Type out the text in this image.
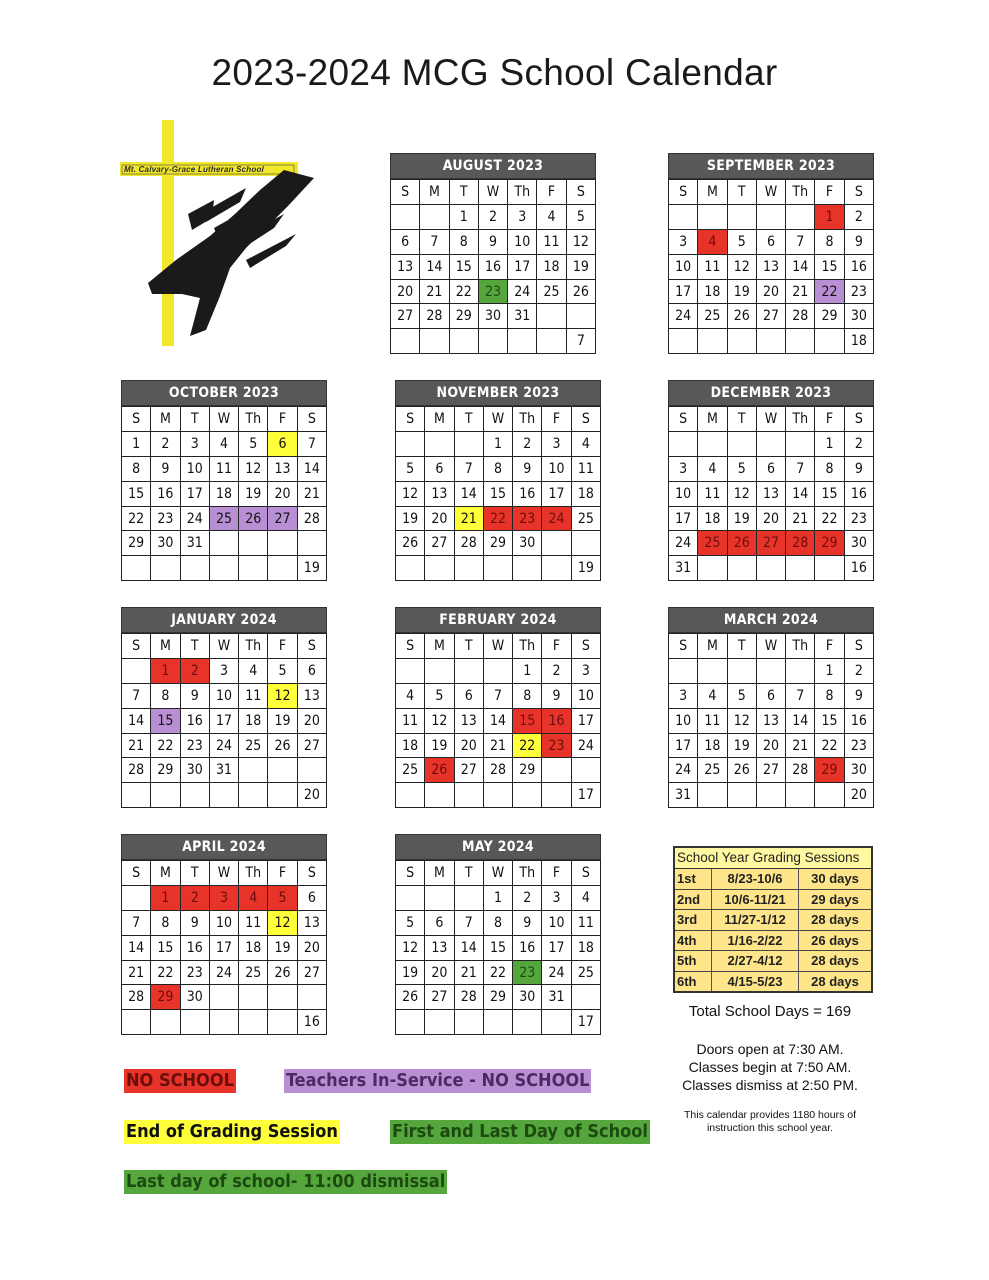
2023-2024 MCG School Calendar
Mt. Calvary-Grace Lutheran School	AUGUST 2023
S	M	T	W	Th	F	S
		1	2	3	4	5
6	7	8	9	10	11	12
13	14	15	16	17	18	19
20	21	22	23	24	25	26
27	28	29	30	31		
						7
SEPTEMBER 2023
S	M	T	W	Th	F	S
					1	2
3	4	5	6	7	8	9
10	11	12	13	14	15	16
17	18	19	20	21	22	23
24	25	26	27	28	29	30
						18
OCTOBER 2023
S	M	T	W	Th	F	S
1	2	3	4	5	6	7
8	9	10	11	12	13	14
15	16	17	18	19	20	21
22	23	24	25	26	27	28
29	30	31				
						19
NOVEMBER 2023
S	M	T	W	Th	F	S
			1	2	3	4
5	6	7	8	9	10	11
12	13	14	15	16	17	18
19	20	21	22	23	24	25
26	27	28	29	30		
						19
DECEMBER 2023
S	M	T	W	Th	F	S
					1	2
3	4	5	6	7	8	9
10	11	12	13	14	15	16
17	18	19	20	21	22	23
24	25	26	27	28	29	30
31						16
JANUARY 2024
S	M	T	W	Th	F	S
	1	2	3	4	5	6
7	8	9	10	11	12	13
14	15	16	17	18	19	20
21	22	23	24	25	26	27
28	29	30	31			
						20
FEBRUARY 2024
S	M	T	W	Th	F	S
				1	2	3
4	5	6	7	8	9	10
11	12	13	14	15	16	17
18	19	20	21	22	23	24
25	26	27	28	29		
						17
MARCH 2024
S	M	T	W	Th	F	S
					1	2
3	4	5	6	7	8	9
10	11	12	13	14	15	16
17	18	19	20	21	22	23
24	25	26	27	28	29	30
31						20
APRIL 2024
S	M	T	W	Th	F	S
	1	2	3	4	5	6
7	8	9	10	11	12	13
14	15	16	17	18	19	20
21	22	23	24	25	26	27
28	29	30				
						16
MAY 2024
S	M	T	W	Th	F	S
			1	2	3	4
5	6	7	8	9	10	11
12	13	14	15	16	17	18
19	20	21	22	23	24	25
26	27	28	29	30	31	
						17
School Year Grading Sessions
1st	8/23-10/6	30 days
2nd	10/6-11/21	29 days
3rd	11/27-1/12	28 days
4th	1/16-2/22	26 days
5th	2/27-4/12	28 days
6th	4/15-5/23	28 days
Total School Days = 169
Doors open at 7:30 AM.
Classes begin at 7:50 AM.
Classes dismiss at 2:50 PM.
This calendar provides 1180 hours of
instruction this school year.
NO SCHOOL	Teachers In-Service - NO SCHOOL
End of Grading Session	First and Last Day of School
Last day of school- 11:00 dismissal
